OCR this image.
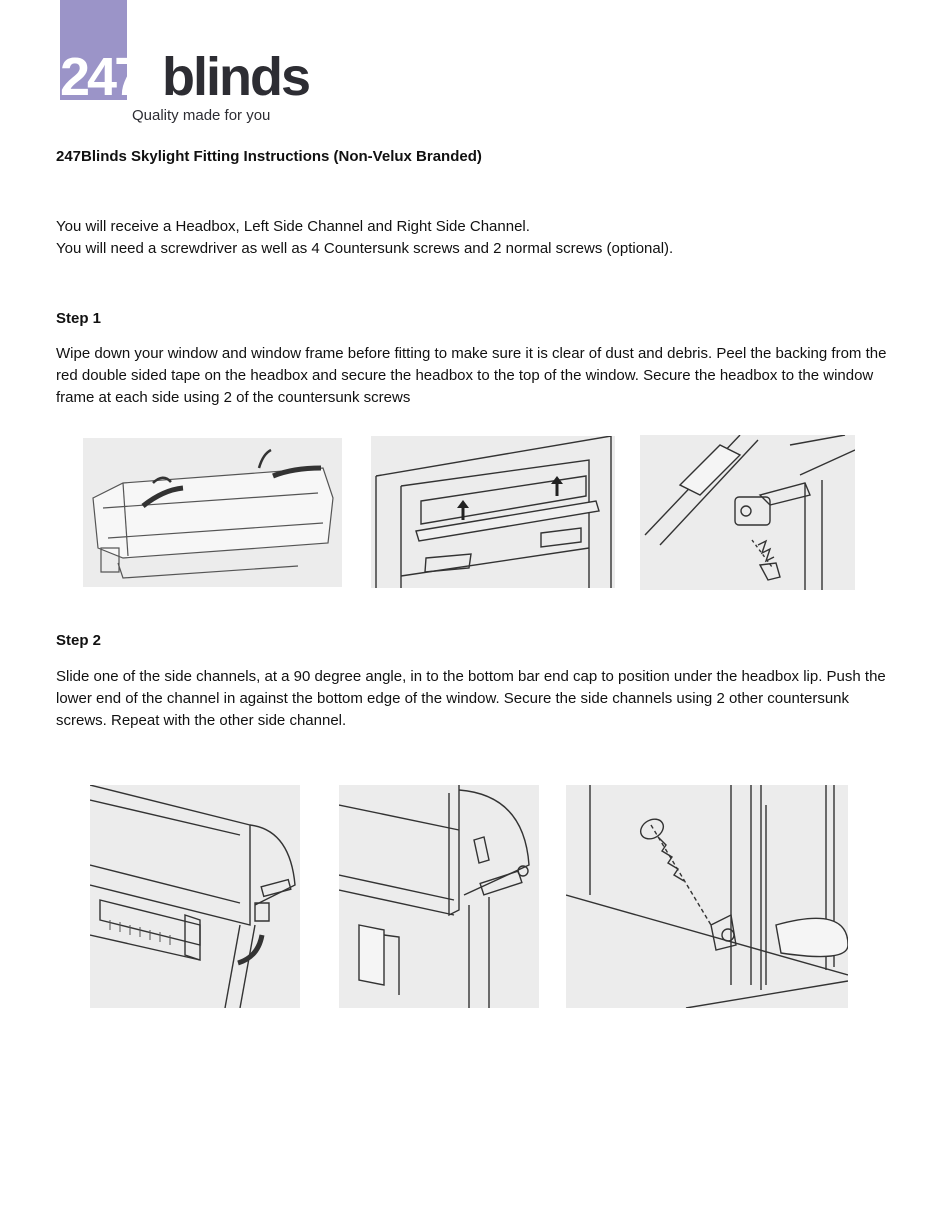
247 blinds
Quality made for you
247Blinds Skylight Fitting Instructions (Non-Velux Branded)

You will receive a Headbox, Left Side Channel and Right Side Channel.

You will need a screwdriver as well as 4 Countersunk screws and 2 normal screws (optional).

Step 1

Wipe down your window and window frame before fitting to make sure it is clear of dust and debris. Peel the backing from the red double sided tape on the headbox and secure the headbox to the top of the window. Secure the headbox to the window frame at each side using 2 of the countersunk screws

Step 2

Slide one of the side channels, at a 90 degree angle, in to the bottom bar end cap to position under the headbox lip. Push the lower end of the channel in against the bottom edge of the window. Secure the side channels using 2 other countersunk screws. Repeat with the other side channel.
